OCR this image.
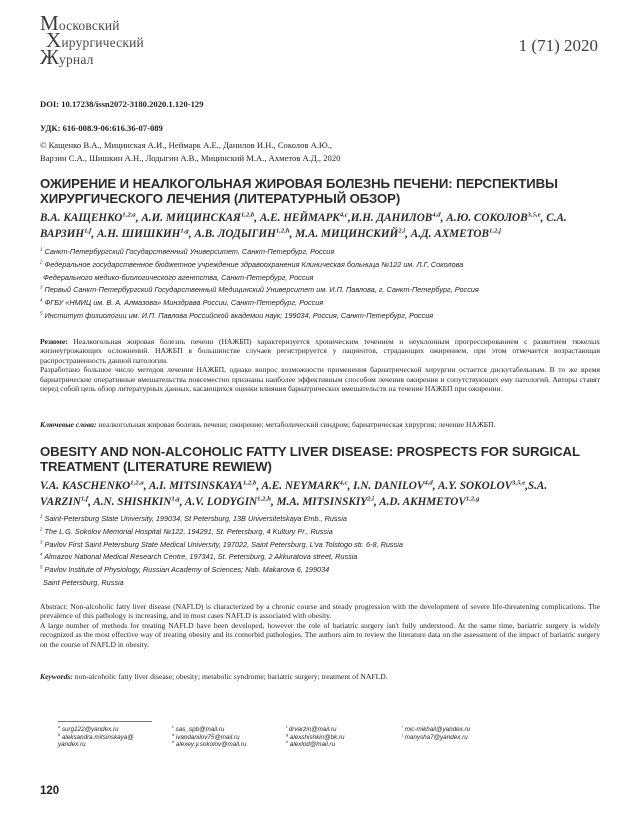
Московский
Хирургический
Журнал
1 (71) 2020
DOI: 10.17238/issn2072-3180.2020.1.120-129
УДК: 616-008.9-06:616.36-07-089
© Кащенко В.А., Мицинская А.И., Неймарк А.Е., Данилов И.Н., Соколов А.Ю.,
Варзин С.А., Шишкин А.Н., Лодыгин А.В., Мицинский М.А., Ахметов А.Д., 2020
ОЖИРЕНИЕ И НЕАЛКОГОЛЬНАЯ ЖИРОВАЯ БОЛЕЗНЬ ПЕЧЕНИ: ПЕРСПЕКТИВЫ
ХИРУРГИЧЕСКОГО ЛЕЧЕНИЯ (ЛИТЕРАТУРНЫЙ ОБЗОР)
В.А. $КАЩЕНКО^{1,2,а}$, А.И. МИЦИНСКАЯ$^{1,2,b}$, А.Е. НЕЙМАРК$^{4,c}$,И.Н. ДАНИЛОВ$^{4,d}$, А.Ю. СОКОЛОВ$^{3,5,e}$, С.А. ВАРЗИН$^{1,f}$, А.Н. ШИШКИН$^{1,g}$, А.В. ЛОДЫГИН$^{1,2,h}$, М.А. МИЦИНСКИЙ$^{2,i}$, А.Д. АХМЕТОВ$^{1,2,j}$
$^1$ Санкт-Петербургский Государственный Университет, Санкт-Петербург, Россия
$^2$ Федеральное государственное бюджетное учреждение здравоохранения Клиническая больница №122 им. Л.Г. Соколова
Федерального медико-биологического агентства, Санкт-Петербург, Россия
$^3$ Первый Санкт-Петербургский Государственный Медицинский Университет им. И.П. Павлова, г. Санкт-Петербург, Россия
$^4$ ФГБУ «НМИЦ им. В. А. Алмазова» Минздрава России, Санкт-Петербург, Россия
$^5$ Институт физиологии им. И.П. Павлова Российской академии наук; 199034, Россия, Санкт-Петербург, Россия

Резюме: Неалкогольная жировая болезнь печени (НАЖБП) характеризуется хроническим течением и неуклонным прогрессированием с развитием тяжелых жизнеугрожающих осложнений. НАЖБП в большинстве случаев регистрируется у пациентов, страдающих ожирением, при этом отмечается возрастающая распространенность данной патологии.

Разработано большое число методов лечения НАЖБП, однако вопрос возможности применения бариатрической хирургии остается дискутабельным. В то же время бариатрические оперативные вмешательства повсеместно признаны наиболее эффективным способом лечения ожирения и сопутствующих ему патологий. Авторы ставят перед собой цель обзор литературных данных, касающихся оценки влияния бариатрических вмешательств на течение НАЖБП при ожирении.

Ключевые слова: неалкогольная жировая болезнь печени; ожирение; метаболический синдром; бариатрическая хирургия; лечение НАЖБП.
OBESITY AND NON-ALCOHOLIC FATTY LIVER DISEASE: PROSPECTS FOR SURGICAL
TREATMENT (LITERATURE REWIEW)
V.A. KASCHENKO$^{1,2,a}$, A.I. MITSINSKAYA$^{1,2,b}$, A.E. NEYMARK$^{4,c}$, I.N. DANILOV$^{4,d}$, A.Y. SOKOLOV$^{3,5,e}$,S.A. VARZIN$^{1,f}$, A.N. SHISHKIN$^{1,g}$, A.V. LODYGIN$^{1,2,h}$, M.A. MITSINSKIY$^{2,i}$, A.D. AKHMETOV$^{1,2,g}$
$^1$ Saint-Petersburg State University, 199034, St Petersburg, 13B Universitetskaya Emb., Russia
$^2$ The L.G. Sokolov Memorial Hospital №122, 194291, St. Petersburg, 4 Kultury Pr., Russia
$^3$ Pavlov First Saint Petersburg State Medical University, 197022, Saint Petersburg, L'va Tolstogo str. 6-8, Russia
$^4$ Almazov National Medical Research Centre, 197341, St. Petersburg, 2 Akkuratova street, Russia
$^5$ Pavlov Institute of Physiology, Russian Academy of Sciences; Nab. Makarova 6, 199034
Saint Petersburg, Russia

Abstract: Non-alcoholic fatty liver disease (NAFLD) is characterized by a chronic course and steady progression with the development of severe life-threatening complications. The prevalence of this pathology is increasing, and in most cases NAFLD is associated with obesity.

A large number of methods for treating NAFLD have been developed, however the role of bariatric surgery isn't fully understood. At the same time, bariatric surgery is widely recognized as the most effective way of treating obesity and its comorbid pathologies. The authors aim to review the literature data on the assessment of the impact of bariatric surgery on the course of NAFLD in obesity.

Keywords: non-alcoholic fatty liver disease; obesity; metabolic syndrome; bariatric surgery; treatment of NAFLD.
$^a$ surg122@yandex.ru
$^b$ aleksandra.mitsinskaya@
yandex.ru
$^c$ sas_spb@mail.ru
$^d$ ivandanilov75@mail.ru
$^e$ alexey.y.sokolov@mail.ru
$^f$ drvarzin@mail.ru
$^g$ alexshishkin@bk.ru
$^h$ alexlod@mail.ru
$^i$ mic-mikhail@yandex.ru
$^j$ manysha7@yandex.ru
120
